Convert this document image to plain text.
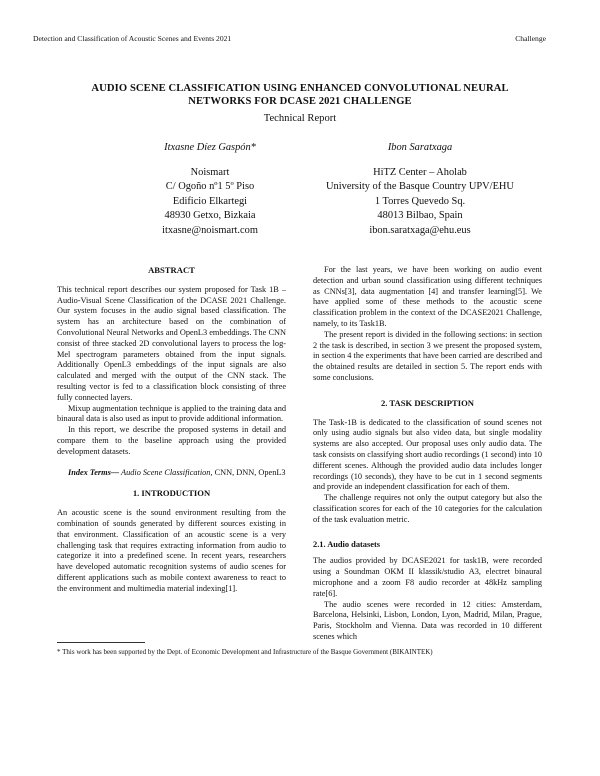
Detection and Classification of Acoustic Scenes and Events 2021	Challenge
AUDIO SCENE CLASSIFICATION USING ENHANCED CONVOLUTIONAL NEURAL
NETWORKS FOR DCASE 2021 CHALLENGE
Technical Report
Itxasne Díez Gaspón*
Noismart
C/ Ogoño nº1 5º Piso
Edificio Elkartegi
48930 Getxo, Bizkaia
itxasne@noismart.com
Ibon Saratxaga
HiTZ Center – Aholab
University of the Basque Country UPV/EHU
1 Torres Quevedo Sq.
48013 Bilbao, Spain
ibon.saratxaga@ehu.eus
ABSTRACT

This technical report describes our system proposed for Task 1B – Audio-Visual Scene Classification of the DCASE 2021 Challenge. Our system focuses in the audio signal based classification. The system has an architecture based on the combination of Convolutional Neural Networks and OpenL3 embeddings. The CNN consist of three stacked 2D convolutional layers to process the log-Mel spectrogram parameters obtained from the input signals. Additionally OpenL3 embeddings of the input signals are also calculated and merged with the output of the CNN stack. The resulting vector is fed to a classification block consisting of three fully connected layers.

Mixup augmentation technique is applied to the training data and binaural data is also used as input to provide additional information.

In this report, we describe the proposed systems in detail and compare them to the baseline approach using the provided development datasets.

Index Terms— Audio Scene Classification, CNN, DNN, OpenL3

1. INTRODUCTION

An acoustic scene is the sound environment resulting from the combination of sounds generated by different sources existing in that environment. Classification of an acoustic scene is a very challenging task that requires extracting information from audio to categorize it into a predefined scene. In recent years, researchers have developed automatic recognition systems of audio scenes for different applications such as mobile context awareness to react to the environment and multimedia material indexing[1].

For the last years, we have been working on audio event detection and urban sound classification using different techniques as CNNs[3], data augmentation [4] and transfer learning[5]. We have applied some of these methods to the acoustic scene classification problem in the context of the DCASE2021 Challenge, namely, to its Task1B.

The present report is divided in the following sections: in section 2 the task is described, in section 3 we present the proposed system, in section 4 the experiments that have been carried are described and the obtained results are detailed in section 5. The report ends with some conclusions.

2. TASK DESCRIPTION

The Task-1B is dedicated to the classification of sound scenes not only using audio signals but also video data, but single modality systems are also accepted. Our proposal uses only audio data. The task consists on classifying short audio recordings (1 second) into 10 different scenes. Although the provided audio data includes longer recordings (10 seconds), they have to be cut in 1 second segments and provide an independent classification for each of them.

The challenge requires not only the output category but also the classification scores for each of the 10 categories for the calculation of the task evaluation metric.

2.1. Audio datasets

The audios provided by DCASE2021 for task1B, were recorded using a Soundman OKM II klassik/studio A3, electret binaural microphone and a zoom F8 audio recorder at 48kHz sampling rate[6].

The audio scenes were recorded in 12 cities: Amsterdam, Barcelona, Helsinki, Lisbon, London, Lyon, Madrid, Milan, Prague, Paris, Stockholm and Vienna. Data was recorded in 10 different scenes which

* This work has been supported by the Dept. of Economic Development and Infrastructure of the Basque Government (BIKAINTEK)
